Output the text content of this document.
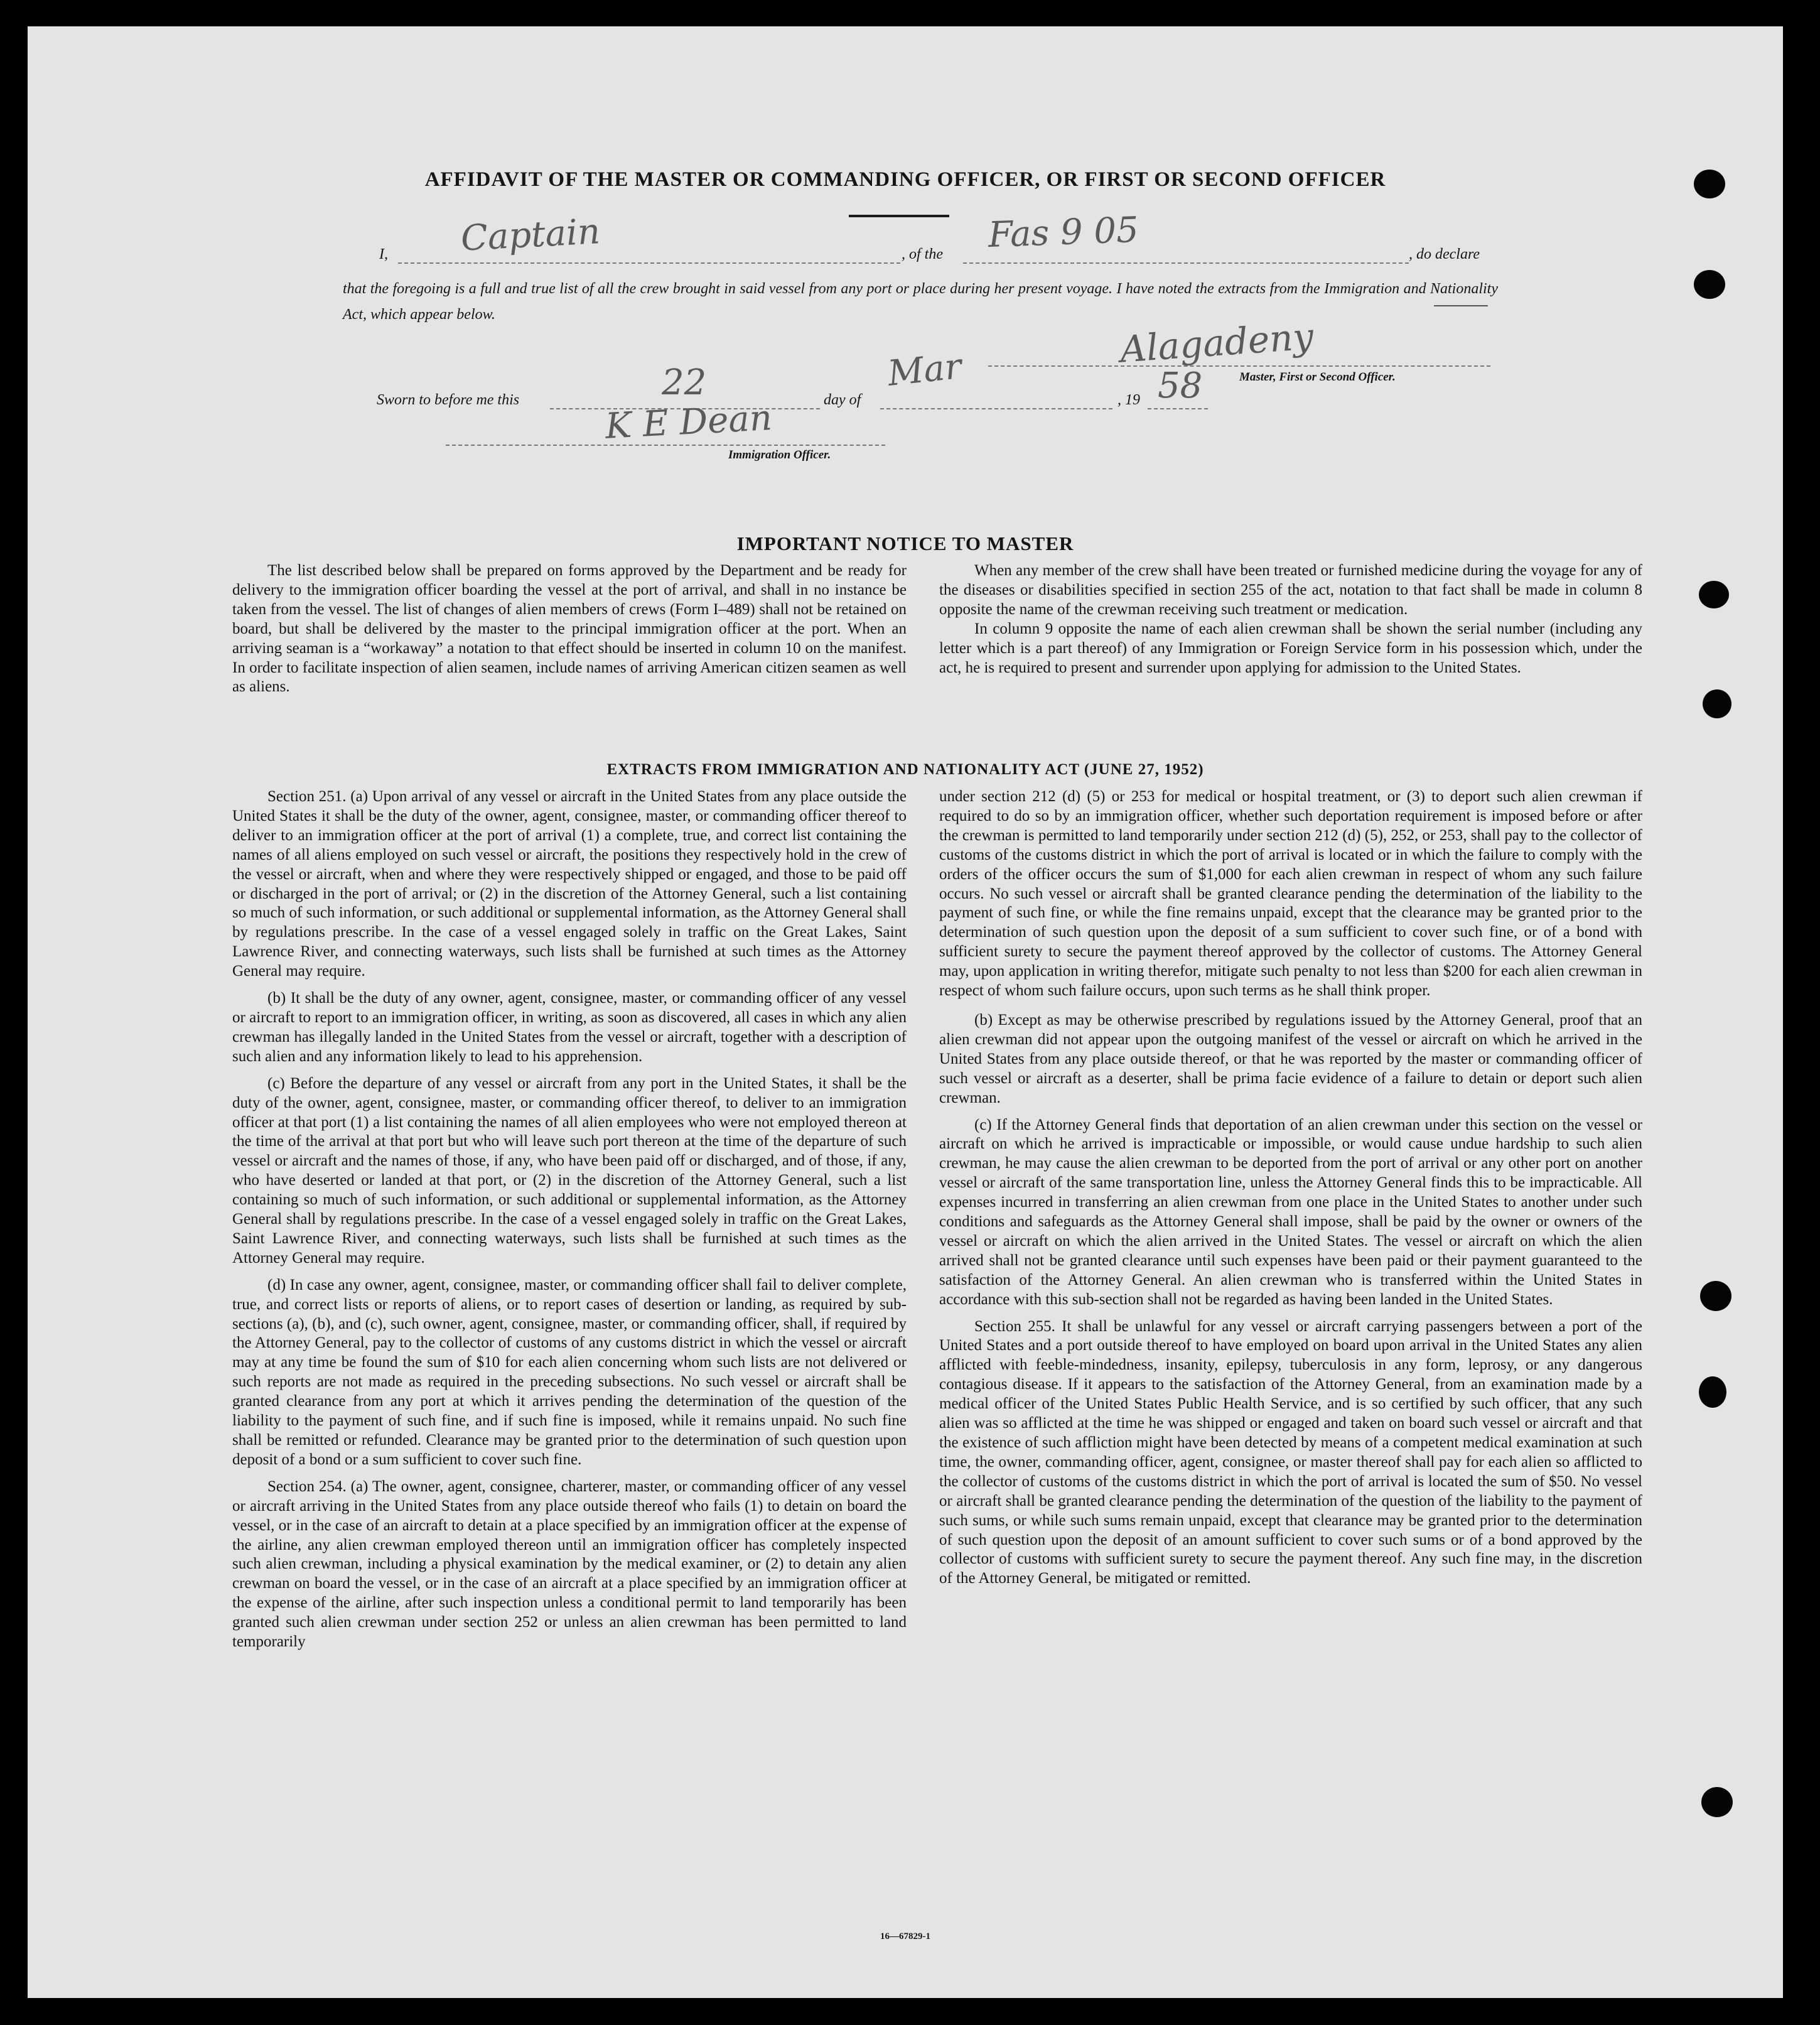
AFFIDAVIT OF THE MASTER OR COMMANDING OFFICER, OR FIRST OR SECOND OFFICER
I, Captain	, of the Fas 9 05	, do declare
that the foregoing is a full and true list of all the crew brought in said vessel from any port or place during her present voyage. I have noted the extracts from the Immigration and Nationality Act, which appear below.
Alagadeny
Master, First or Second Officer.
Sworn to before me this	22	day of
Mar
, 19 58
K E Dean
Immigration Officer.
IMPORTANT NOTICE TO MASTER

The list described below shall be prepared on forms approved by the Department and be ready for delivery to the immigration officer boarding the vessel at the port of arrival, and shall in no instance be taken from the vessel. The list of changes of alien members of crews (Form I–489) shall not be retained on board, but shall be delivered by the master to the principal immigration officer at the port. When an arriving seaman is a “workaway” a notation to that effect should be inserted in column 10 on the manifest. In order to facilitate inspection of alien seamen, include names of arriving American citizen seamen as well as aliens.

When any member of the crew shall have been treated or furnished medicine during the voyage for any of the diseases or disabilities specified in section 255 of the act, notation to that fact shall be made in column 8 opposite the name of the crewman receiving such treatment or medication.

In column 9 opposite the name of each alien crewman shall be shown the serial number (including any letter which is a part thereof) of any Immigration or Foreign Service form in his possession which, under the act, he is required to present and surrender upon applying for admission to the United States.

EXTRACTS FROM IMMIGRATION AND NATIONALITY ACT (JUNE 27, 1952)

Section 251. (a) Upon arrival of any vessel or aircraft in the United States from any place outside the United States it shall be the duty of the owner, agent, consignee, master, or commanding officer thereof to deliver to an immigration officer at the port of arrival (1) a complete, true, and correct list containing the names of all aliens employed on such vessel or aircraft, the positions they respectively hold in the crew of the vessel or aircraft, when and where they were respectively shipped or engaged, and those to be paid off or discharged in the port of arrival; or (2) in the discretion of the Attorney General, such a list containing so much of such information, or such additional or supplemental information, as the Attorney General shall by regulations prescribe. In the case of a vessel engaged solely in traffic on the Great Lakes, Saint Lawrence River, and connecting waterways, such lists shall be furnished at such times as the Attorney General may require.

(b) It shall be the duty of any owner, agent, consignee, master, or commanding officer of any vessel or aircraft to report to an immigration officer, in writing, as soon as discovered, all cases in which any alien crewman has illegally landed in the United States from the vessel or aircraft, together with a description of such alien and any information likely to lead to his apprehension.

(c) Before the departure of any vessel or aircraft from any port in the United States, it shall be the duty of the owner, agent, consignee, master, or commanding officer thereof, to deliver to an immigration officer at that port (1) a list containing the names of all alien employees who were not employed thereon at the time of the arrival at that port but who will leave such port thereon at the time of the departure of such vessel or aircraft and the names of those, if any, who have been paid off or discharged, and of those, if any, who have deserted or landed at that port, or (2) in the discretion of the Attorney General, such a list containing so much of such information, or such additional or supplemental information, as the Attorney General shall by regulations prescribe. In the case of a vessel engaged solely in traffic on the Great Lakes, Saint Lawrence River, and connecting waterways, such lists shall be furnished at such times as the Attorney General may require.

(d) In case any owner, agent, consignee, master, or commanding officer shall fail to deliver complete, true, and correct lists or reports of aliens, or to report cases of desertion or landing, as required by sub-sections (a), (b), and (c), such owner, agent, consignee, master, or commanding officer, shall, if required by the Attorney General, pay to the collector of customs of any customs district in which the vessel or aircraft may at any time be found the sum of $10 for each alien concerning whom such lists are not delivered or such reports are not made as required in the preceding subsections. No such vessel or aircraft shall be granted clearance from any port at which it arrives pending the determination of the question of the liability to the payment of such fine, and if such fine is imposed, while it remains unpaid. No such fine shall be remitted or refunded. Clearance may be granted prior to the determination of such question upon deposit of a bond or a sum sufficient to cover such fine.

Section 254. (a) The owner, agent, consignee, charterer, master, or commanding officer of any vessel or aircraft arriving in the United States from any place outside thereof who fails (1) to detain on board the vessel, or in the case of an aircraft to detain at a place specified by an immigration officer at the expense of the airline, any alien crewman employed thereon until an immigration officer has completely inspected such alien crewman, including a physical examination by the medical examiner, or (2) to detain any alien crewman on board the vessel, or in the case of an aircraft at a place specified by an immigration officer at the expense of the airline, after such inspection unless a conditional permit to land temporarily has been granted such alien crewman under section 252 or unless an alien crewman has been permitted to land temporarily

under section 212 (d) (5) or 253 for medical or hospital treatment, or (3) to deport such alien crewman if required to do so by an immigration officer, whether such deportation requirement is imposed before or after the crewman is permitted to land temporarily under section 212 (d) (5), 252, or 253, shall pay to the collector of customs of the customs district in which the port of arrival is located or in which the failure to comply with the orders of the officer occurs the sum of $1,000 for each alien crewman in respect of whom any such failure occurs. No such vessel or aircraft shall be granted clearance pending the determination of the liability to the payment of such fine, or while the fine remains unpaid, except that the clearance may be granted prior to the determination of such question upon the deposit of a sum sufficient to cover such fine, or of a bond with sufficient surety to secure the payment thereof approved by the collector of customs. The Attorney General may, upon application in writing therefor, mitigate such penalty to not less than $200 for each alien crewman in respect of whom such failure occurs, upon such terms as he shall think proper.

(b) Except as may be otherwise prescribed by regulations issued by the Attorney General, proof that an alien crewman did not appear upon the outgoing manifest of the vessel or aircraft on which he arrived in the United States from any place outside thereof, or that he was reported by the master or commanding officer of such vessel or aircraft as a deserter, shall be prima facie evidence of a failure to detain or deport such alien crewman.

(c) If the Attorney General finds that deportation of an alien crewman under this section on the vessel or aircraft on which he arrived is impracticable or impossible, or would cause undue hardship to such alien crewman, he may cause the alien crewman to be deported from the port of arrival or any other port on another vessel or aircraft of the same transportation line, unless the Attorney General finds this to be impracticable. All expenses incurred in transferring an alien crewman from one place in the United States to another under such conditions and safeguards as the Attorney General shall impose, shall be paid by the owner or owners of the vessel or aircraft on which the alien arrived in the United States. The vessel or aircraft on which the alien arrived shall not be granted clearance until such expenses have been paid or their payment guaranteed to the satisfaction of the Attorney General. An alien crewman who is transferred within the United States in accordance with this sub-section shall not be regarded as having been landed in the United States.

Section 255. It shall be unlawful for any vessel or aircraft carrying passengers between a port of the United States and a port outside thereof to have employed on board upon arrival in the United States any alien afflicted with feeble-mindedness, insanity, epilepsy, tuberculosis in any form, leprosy, or any dangerous contagious disease. If it appears to the satisfaction of the Attorney General, from an examination made by a medical officer of the United States Public Health Service, and is so certified by such officer, that any such alien was so afflicted at the time he was shipped or engaged and taken on board such vessel or aircraft and that the existence of such affliction might have been detected by means of a competent medical examination at such time, the owner, commanding officer, agent, consignee, or master thereof shall pay for each alien so afflicted to the collector of customs of the customs district in which the port of arrival is located the sum of $50. No vessel or aircraft shall be granted clearance pending the determination of the question of the liability to the payment of such sums, or while such sums remain unpaid, except that clearance may be granted prior to the determination of such question upon the deposit of an amount sufficient to cover such sums or of a bond approved by the collector of customs with sufficient surety to secure the payment thereof. Any such fine may, in the discretion of the Attorney General, be mitigated or remitted.

16—67829-1
